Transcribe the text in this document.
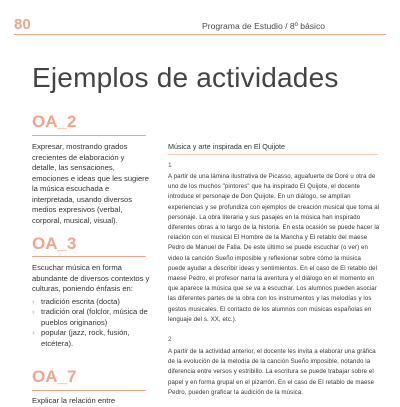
80	Programa de Estudio / 8º básico
Ejemplos de actividades
OA_2
Expresar, mostrando grados crecientes de elaboración y detalle, las sensaciones, emociones e ideas que les sugiere la música escuchada e interpretada, usando diversos medios expresivos (verbal, corporal, musical, visual).
OA_3
Escuchar música en forma abundante de diversos contextos y culturas, poniendo énfasis en:
› tradición escrita (docta)
› tradición oral (folclor, música de pueblos originarios)
› popular (jazz, rock, fusión, etcétera).
OA_7
Explicar la relación entre
Música y arte inspirada en El Quijote
1
A partir de una lámina ilustrativa de Picasso, aguafuerte de Doré u otra de uno de los muchos "pintores" que ha inspirado El Quijote, el docente introduce el personaje de Don Quijote. En un diálogo, se amplían experiencias y se profundiza con ejemplos de creación musical que toma al personaje. La obra literaria y sus pasajes en la música han inspirado diferentes obras a lo largo de la historia. En esta ocasión se puede hacer la relación con el musical El Hombre de la Mancha y El retablo del maese Pedro de Manuel de Falla. De este último se puede escuchar (o ver) en video la canción Sueño imposible y reflexionar sobre cómo la música puede ayudar a describir ideas y sentimientos. En el caso de El retablo del maese Pedro, el profesor narra la aventura y el diálogo en el momento en que aparece la música que se va a escuchar. Los alumnos pueden asociar las diferentes partes de la obra con los instrumentos y las melodías y los gestos musicales. El contacto de los alumnos con músicas españolas en lenguaje del s. XX, etc.).
2
A partir de la actividad anterior, el docente les invita a elaborar una gráfica de la evolución de la melodía de la canción Sueño imposible, notando la diferencia entre versos y estribillo. La escritura se puede trabajar sobre el papel y en forma grupal en el pizarrón. En el caso de El retablo de maese Pedro, pueden graficar la audición de la música.
